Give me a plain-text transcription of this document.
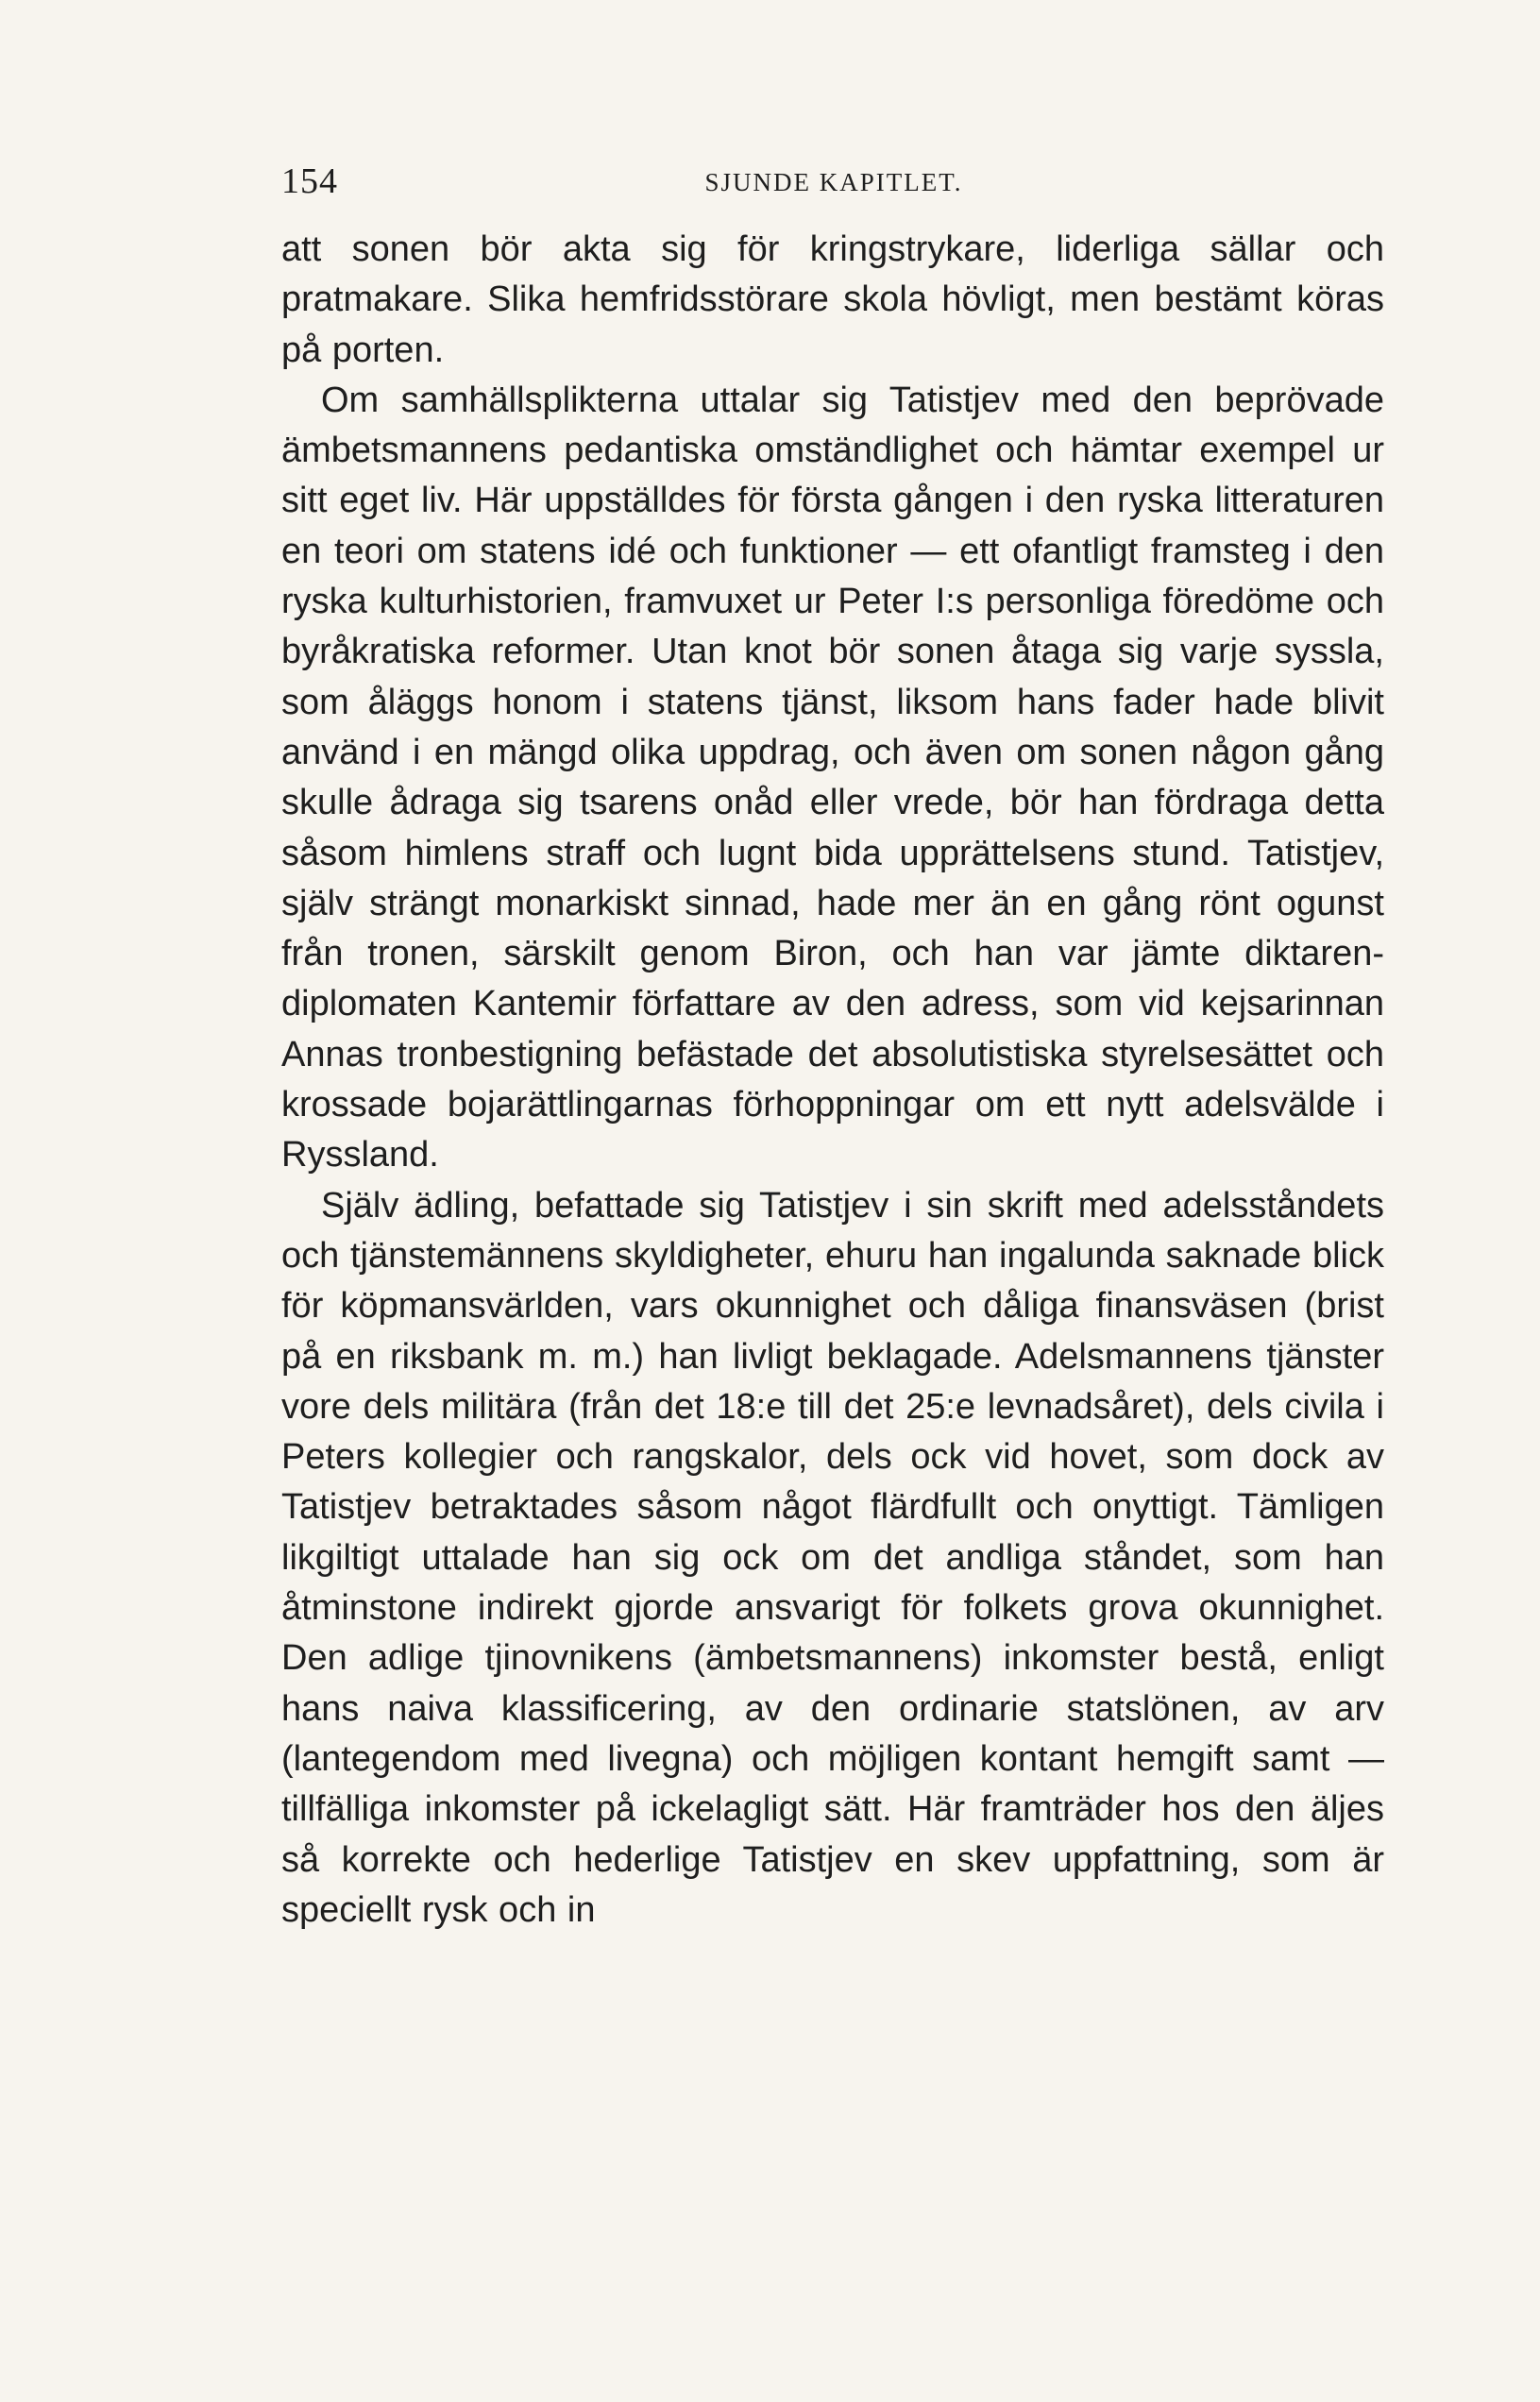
154	SJUNDE KAPITLET.

att sonen bör akta sig för kringstrykare, liderliga sällar och pratmakare. Slika hemfridsstörare skola hövligt, men bestämt köras på porten.

Om samhällsplikterna uttalar sig Tatistjev med den beprövade ämbetsmannens pedantiska omständlighet och hämtar exempel ur sitt eget liv. Här uppställdes för första gången i den ryska litteraturen en teori om statens idé och funktioner — ett ofantligt framsteg i den ryska kulturhistorien, framvuxet ur Peter I:s personliga föredöme och byråkratiska reformer. Utan knot bör sonen åtaga sig varje syssla, som åläggs honom i statens tjänst, liksom hans fader hade blivit använd i en mängd olika uppdrag, och även om sonen någon gång skulle ådraga sig tsarens onåd eller vrede, bör han fördraga detta såsom himlens straff och lugnt bida upprättelsens stund. Tatistjev, själv strängt monarkiskt sinnad, hade mer än en gång rönt ogunst från tronen, särskilt genom Biron, och han var jämte diktaren-diplomaten Kantemir författare av den adress, som vid kejsarinnan Annas tronbestigning befästade det absolutistiska styrelsesättet och krossade bojarättlingarnas förhoppningar om ett nytt adelsvälde i Ryssland.

Själv ädling, befattade sig Tatistjev i sin skrift med adelsståndets och tjänstemännens skyldigheter, ehuru han ingalunda saknade blick för köpmansvärlden, vars okunnighet och dåliga finansväsen (brist på en riksbank m. m.) han livligt beklagade. Adelsmannens tjänster vore dels militära (från det 18:e till det 25:e levnadsåret), dels civila i Peters kollegier och rangskalor, dels ock vid hovet, som dock av Tatistjev betraktades såsom något flärdfullt och onyttigt. Tämligen likgiltigt uttalade han sig ock om det andliga ståndet, som han åtminstone indirekt gjorde ansvarigt för folkets grova okunnighet. Den adlige tjinovnikens (ämbetsmannens) inkomster bestå, enligt hans naiva klassificering, av den ordinarie statslönen, av arv (lantegendom med livegna) och möjligen kontant hemgift samt — tillfälliga inkomster på ickelagligt sätt. Här framträder hos den äljes så korrekte och hederlige Tatistjev en skev uppfattning, som är speciellt rysk och in
